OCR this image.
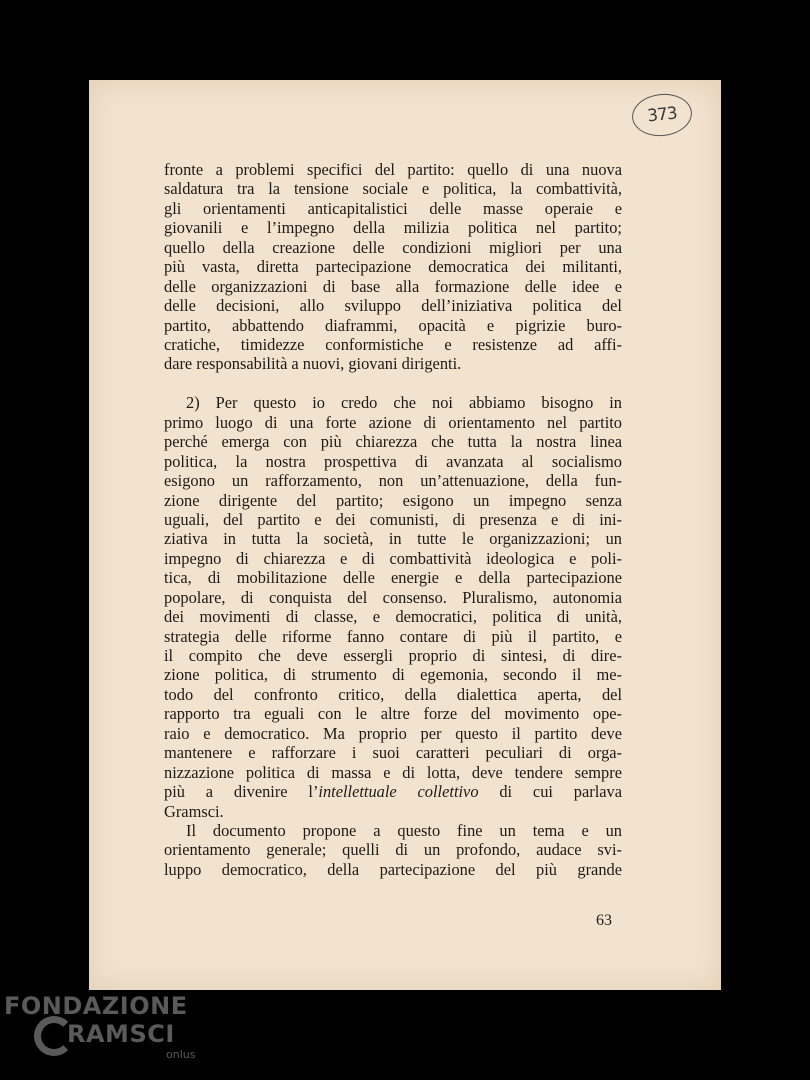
373
fronte a problemi specifici del partito: quello di una nuova
saldatura tra la tensione sociale e politica, la combattività,
gli orientamenti anticapitalistici delle masse operaie e
giovanili e l’impegno della milizia politica nel partito;
quello della creazione delle condizioni migliori per una
più vasta, diretta partecipazione democratica dei militanti,
delle organizzazioni di base alla formazione delle idee e
delle decisioni, allo sviluppo dell’iniziativa politica del
partito, abbattendo diaframmi, opacità e pigrizie buro-
cratiche, timidezze conformistiche e resistenze ad affi-
dare responsabilità a nuovi, giovani dirigenti.
2) Per questo io credo che noi abbiamo bisogno in
primo luogo di una forte azione di orientamento nel partito
perché emerga con più chiarezza che tutta la nostra linea
politica, la nostra prospettiva di avanzata al socialismo
esigono un rafforzamento, non un’attenuazione, della fun-
zione dirigente del partito; esigono un impegno senza
uguali, del partito e dei comunisti, di presenza e di ini-
ziativa in tutta la società, in tutte le organizzazioni; un
impegno di chiarezza e di combattività ideologica e poli-
tica, di mobilitazione delle energie e della partecipazione
popolare, di conquista del consenso. Pluralismo, autonomia
dei movimenti di classe, e democratici, politica di unità,
strategia delle riforme fanno contare di più il partito, e
il compito che deve essergli proprio di sintesi, di dire-
zione politica, di strumento di egemonia, secondo il me-
todo del confronto critico, della dialettica aperta, del
rapporto tra eguali con le altre forze del movimento ope-
raio e democratico. Ma proprio per questo il partito deve
mantenere e rafforzare i suoi caratteri peculiari di orga-
nizzazione politica di massa e di lotta, deve tendere sempre
più a divenire l’intellettuale collettivo di cui parlava
Gramsci.
Il documento propone a questo fine un tema e un
orientamento generale; quelli di un profondo, audace svi-
luppo democratico, della partecipazione del più grande
63
FONDAZIONE
RAMSCI
onlus
